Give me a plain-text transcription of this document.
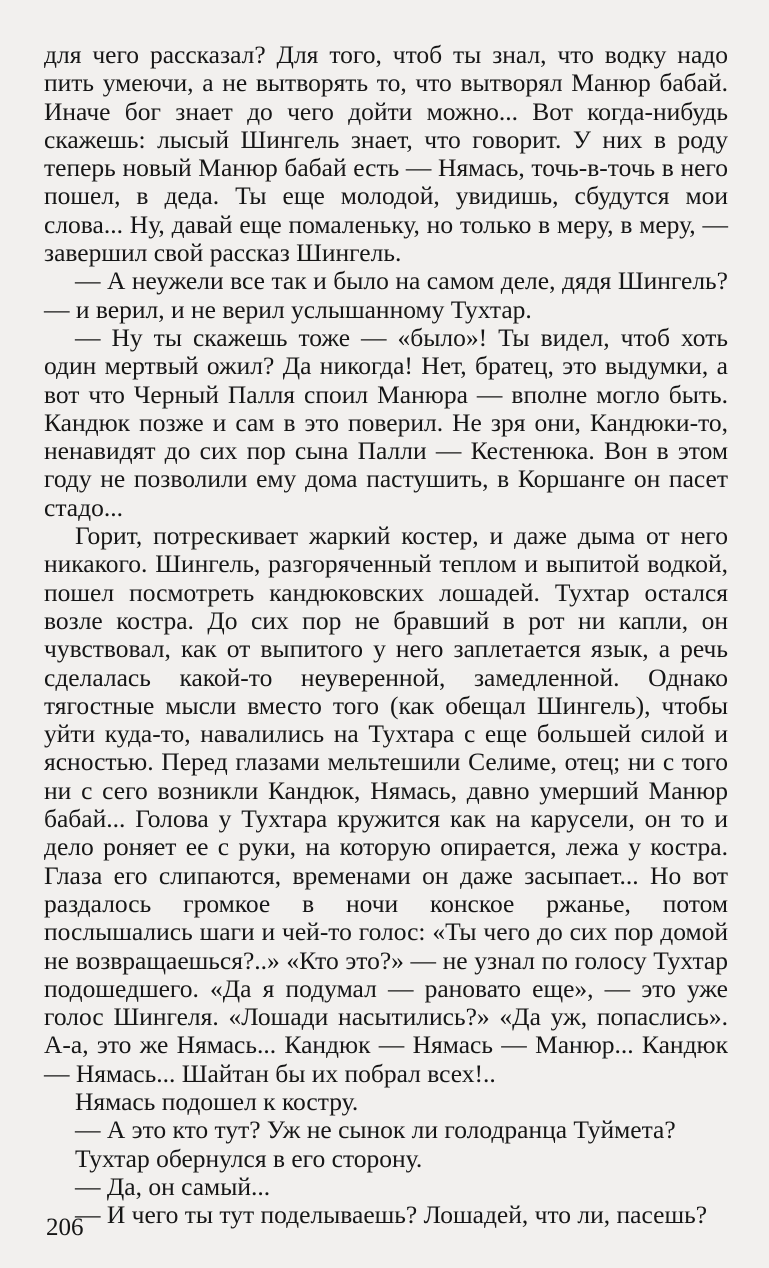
для чего рассказал? Для того, чтоб ты знал, что водку надо пить умеючи, а не вытворять то, что вытворял Манюр бабай. Иначе бог знает до чего дойти можно... Вот когда-нибудь скажешь: лысый Шингель знает, что говорит. У них в роду теперь новый Манюр бабай есть — Нямась, точь-в-точь в него пошел, в деда. Ты еще молодой, увидишь, сбудутся мои слова... Ну, давай еще помаленьку, но только в меру, в меру, — завершил свой рассказ Шингель.

— А неужели все так и было на самом деле, дядя Шингель? — и верил, и не верил услышанному Тухтар.

— Ну ты скажешь тоже — «было»! Ты видел, чтоб хоть один мертвый ожил? Да никогда! Нет, братец, это выдумки, а вот что Черный Палля споил Манюра — вполне могло быть. Кандюк позже и сам в это поверил. Не зря они, Кандюки-то, ненавидят до сих пор сына Палли — Кестенюка. Вон в этом году не позволили ему дома пастушить, в Коршанге он пасет стадо...

Горит, потрескивает жаркий костер, и даже дыма от него никакого. Шингель, разгоряченный теплом и выпитой водкой, пошел посмотреть кандюковских лошадей. Тухтар остался возле костра. До сих пор не бравший в рот ни капли, он чувствовал, как от выпитого у него заплетается язык, а речь сделалась какой-то неуверенной, замедленной. Однако тягостные мысли вместо того (как обещал Шингель), чтобы уйти куда-то, навалились на Тухтара с еще большей силой и ясностью. Перед глазами мельтешили Селиме, отец; ни с того ни с сего возникли Кандюк, Нямась, давно умерший Манюр бабай... Голова у Тухтара кружится как на карусели, он то и дело роняет ее с руки, на которую опирается, лежа у костра. Глаза его слипаются, временами он даже засыпает... Но вот раздалось громкое в ночи конское ржанье, потом послышались шаги и чей-то голос: «Ты чего до сих пор домой не возвращаешься?..» «Кто это?» — не узнал по голосу Тухтар подошедшего. «Да я подумал — рановато еще», — это уже голос Шингеля. «Лошади насытились?» «Да уж, попаслись». А-а, это же Нямась... Кандюк — Нямась — Манюр... Кандюк — Нямась... Шайтан бы их побрал всех!..

Нямась подошел к костру.

— А это кто тут? Уж не сынок ли голодранца Туймета?

Тухтар обернулся в его сторону.

— Да, он самый...

— И чего ты тут поделываешь? Лошадей, что ли, пасешь?

206
